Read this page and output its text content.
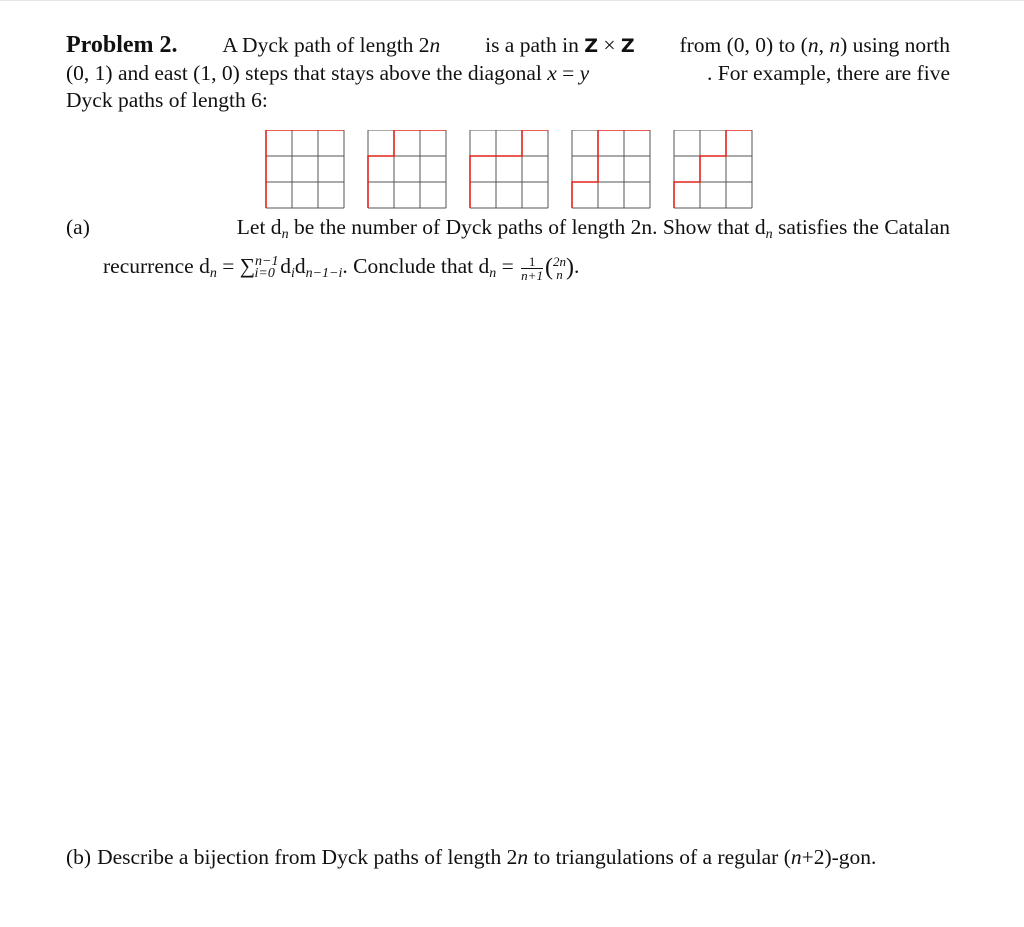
Problem 2. A Dyck path of length 2n is a path in Z × Z from (0, 0) to (n, n) using north
(0, 1) and east (1, 0) steps that stays above the diagonal x = y	. For example, there are five
Dyck paths of length 6:
(a)	Let $d_n$ be the number of Dyck paths of length 2n. Show that $d_n$ satisfies the Catalan
recurrence $d_n = \sum^{n-1}_{i=0}$ $d_id_{n-1-i}$. Conclude that $d_n = \frac{1}{n+1}$ ( 2n
n ).
(b) Describe a bijection from Dyck paths of length 2n to triangulations of a regular (n+2)-gon.
